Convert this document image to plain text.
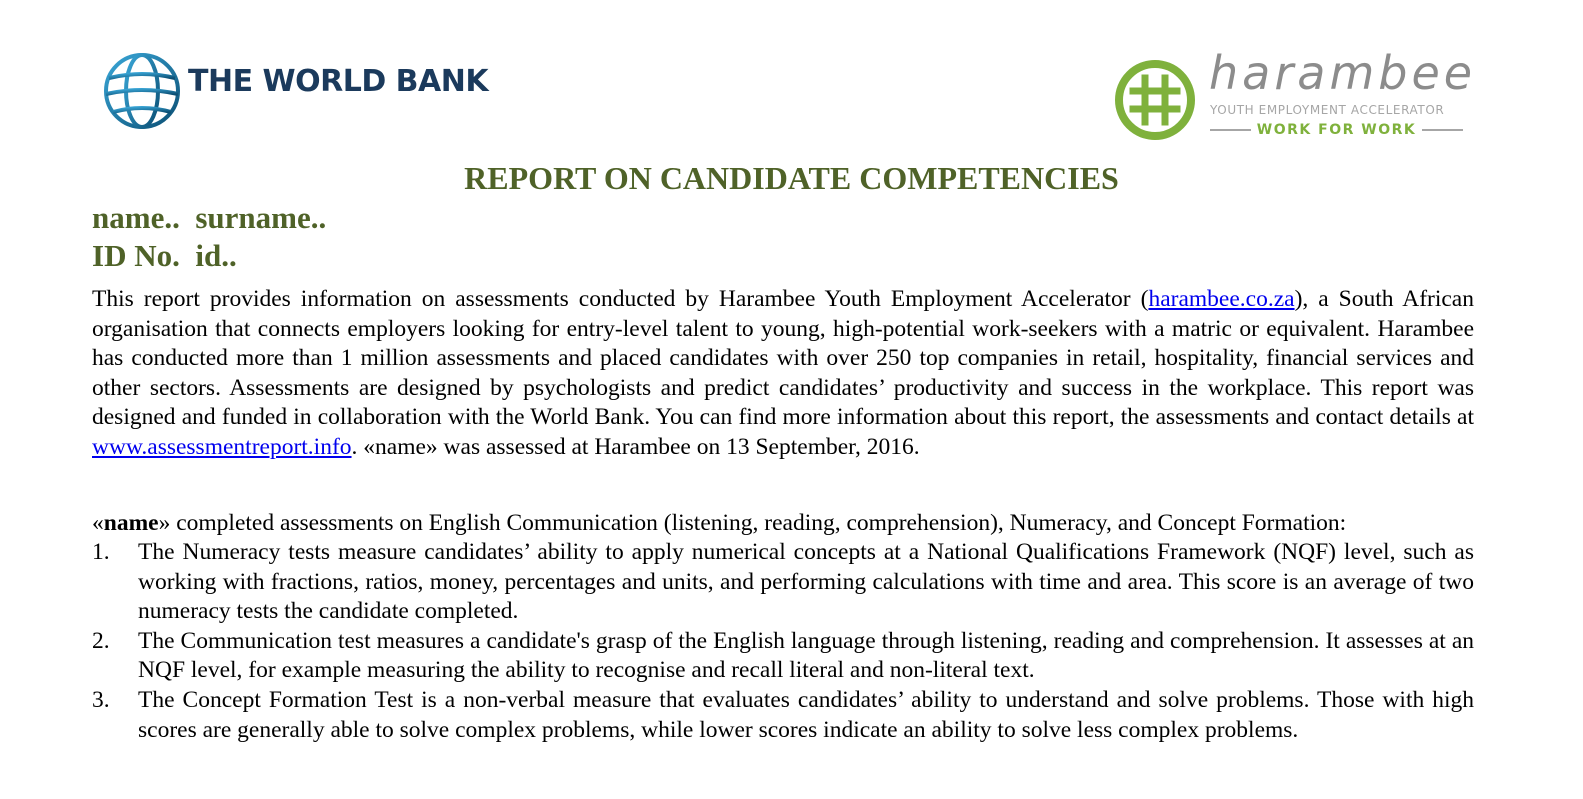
THE WORLD BANK	harambee
YOUTH EMPLOYMENT ACCELERATOR
WORK FOR WORK
REPORT ON CANDIDATE COMPETENCIES
name..  surname..
ID No.  id..
This report provides information on assessments conducted by Harambee Youth Employment Accelerator (harambee.co.za), a South African organisation that connects employers looking for entry-level talent to young, high-potential work-seekers with a matric or equivalent. Harambee has conducted more than 1 million assessments and placed candidates with over 250 top companies in retail, hospitality, financial services and other sectors. Assessments are designed by psychologists and predict candidates’ productivity and success in the workplace. This report was designed and funded in collaboration with the World Bank. You can find more information about this report, the assessments and contact details at www.assessmentreport.info. «name» was assessed at Harambee on 13 September, 2016.
«name» completed assessments on English Communication (listening, reading, comprehension), Numeracy, and Concept Formation:
1. The Numeracy tests measure candidates’ ability to apply numerical concepts at a National Qualifications Framework (NQF) level, such as working with fractions, ratios, money, percentages and units, and performing calculations with time and area. This score is an average of two numeracy tests the candidate completed.
2. The Communication test measures a candidate's grasp of the English language through listening, reading and comprehension. It assesses at an NQF level, for example measuring the ability to recognise and recall literal and non-literal text.
3. The Concept Formation Test is a non-verbal measure that evaluates candidates’ ability to understand and solve problems. Those with high scores are generally able to solve complex problems, while lower scores indicate an ability to solve less complex problems.
